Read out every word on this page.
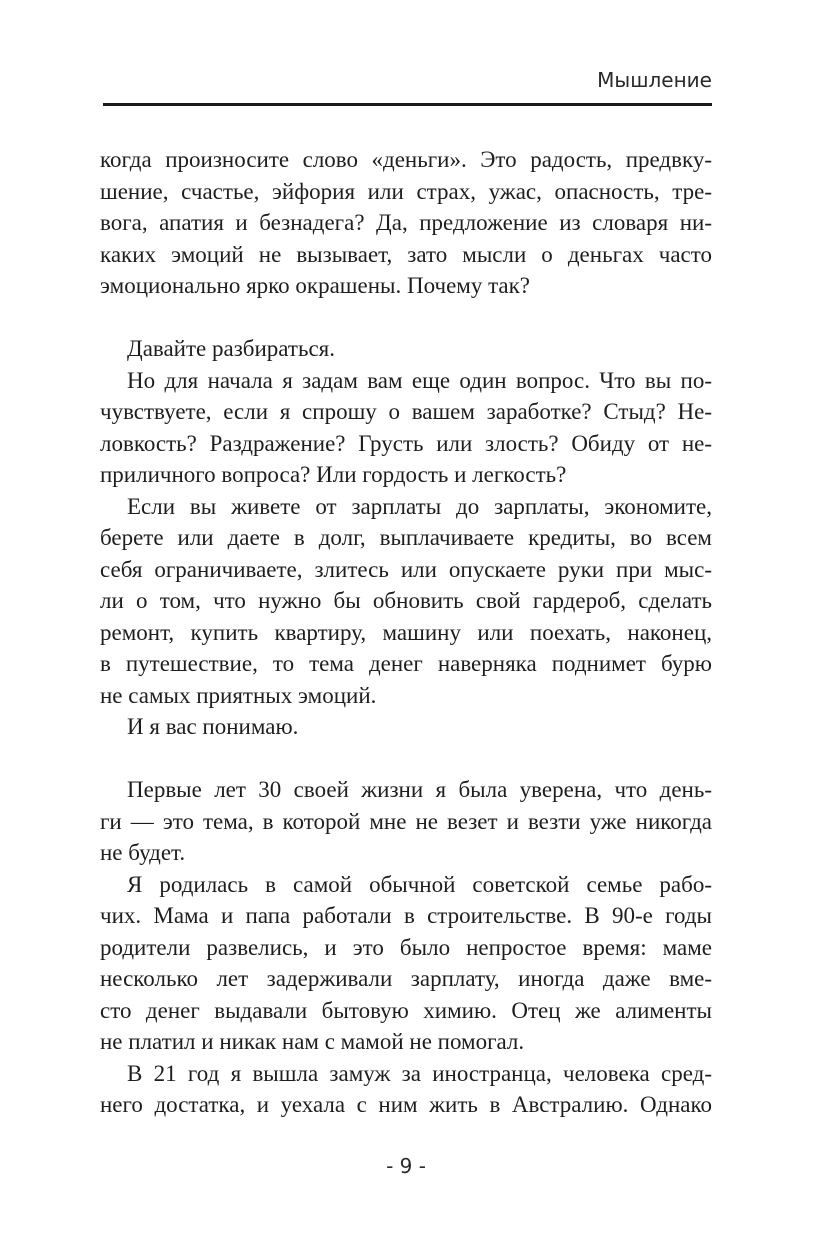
Мышление
когда произносите слово «деньги». Это радость, предвку-
шение, счастье, эйфория или страх, ужас, опасность, тре-
вога, апатия и безнадега? Да, предложение из словаря ни-
каких эмоций не вызывает, зато мысли о деньгах часто
эмоционально ярко окрашены. Почему так?
Давайте разбираться.
Но для начала я задам вам еще один вопрос. Что вы по-
чувствуете, если я спрошу о вашем заработке? Стыд? Не-
ловкость? Раздражение? Грусть или злость? Обиду от не-
приличного вопроса? Или гордость и легкость?
Если вы живете от зарплаты до зарплаты, экономите,
берете или даете в долг, выплачиваете кредиты, во всем
себя ограничиваете, злитесь или опускаете руки при мыс-
ли о том, что нужно бы обновить свой гардероб, сделать
ремонт, купить квартиру, машину или поехать, наконец,
в путешествие, то тема денег наверняка поднимет бурю
не самых приятных эмоций.
И я вас понимаю.
Первые лет 30 своей жизни я была уверена, что день-
ги — это тема, в которой мне не везет и везти уже никогда
не будет.
Я родилась в самой обычной советской семье рабо-
чих. Мама и папа работали в строительстве. В 90-е годы
родители развелись, и это было непростое время: маме
несколько лет задерживали зарплату, иногда даже вме-
сто денег выдавали бытовую химию. Отец же алименты
не платил и никак нам с мамой не помогал.
В 21 год я вышла замуж за иностранца, человека сред-
него достатка, и уехала с ним жить в Австралию. Однако
- 9 -
